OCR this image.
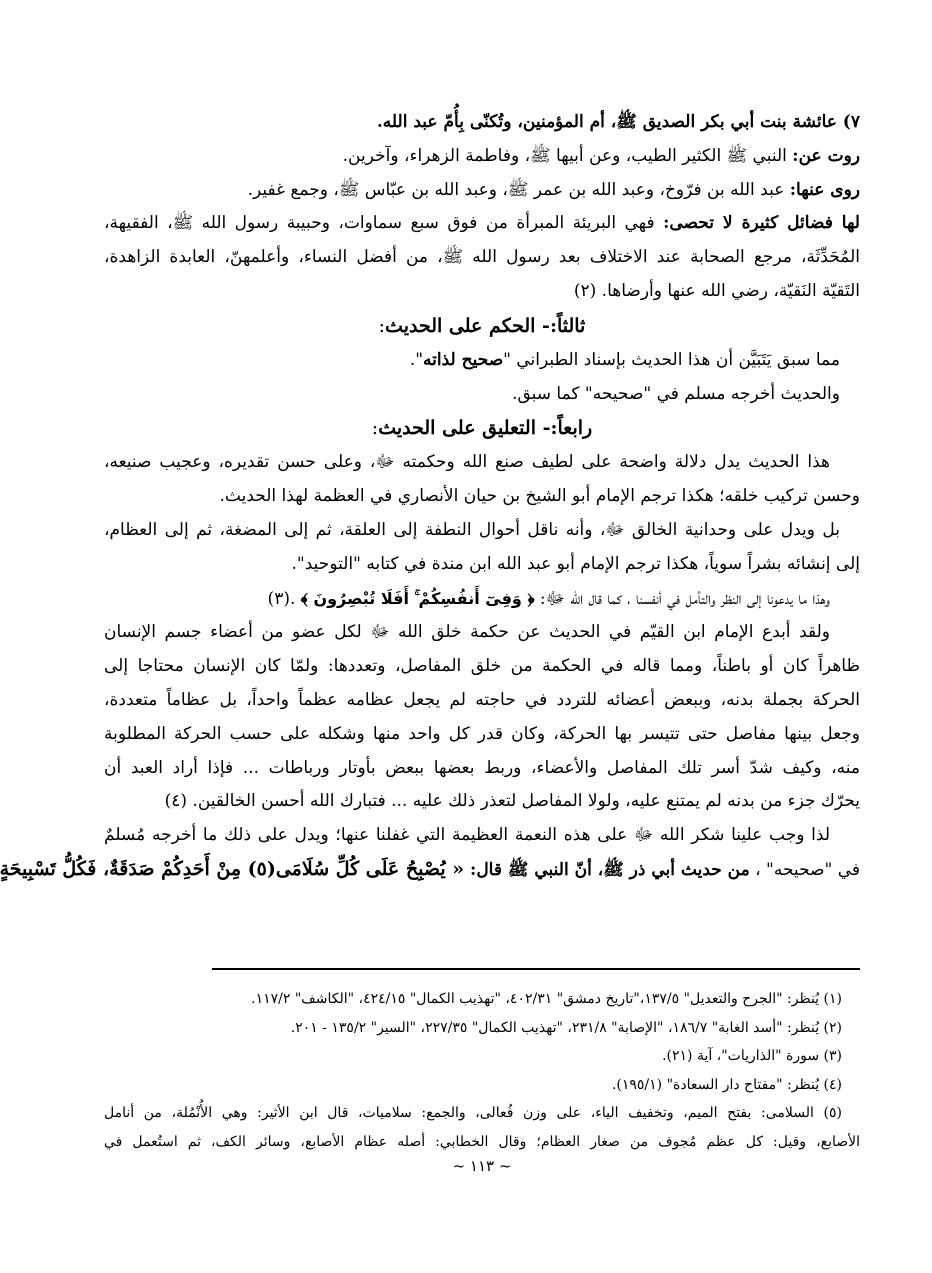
٧) عائشة بنت أبي بكر الصديق ﷺ، أم المؤمنين، وتُكنّى بِأُمّ عبد الله.
روت عن: النبي ﷺ الكثير الطيب، وعن أبيها ﷺ، وفاطمة الزهراء، وآخرين.
روى عنها: عبد الله بن فرّوخ، وعبد الله بن عمر ﷺ، وعبد الله بن عبّاس ﷺ، وجمع غفير.
لها فضائل كثيرة لا تحصى: فهي البريئة المبرأة من فوق سبع سماوات، وحبيبة رسول الله ﷺ، الفقيهة،
المُحَدِّثَة، مرجع الصحابة عند الاختلاف بعد رسول الله ﷺ، من أفضل النساء، وأعلمهنّ، العابدة الزاهدة،
التَقيّة النَقيّة، رضي الله عنها وأرضاها. (٢)
ثالثاً:- الحكم على الحديث:
مما سبق يَتَبَيَّن أن هذا الحديث بإسناد الطبراني "صحيح لذاته".
والحديث أخرجه مسلم في "صحيحه" كما سبق.
رابعاً:- التعليق على الحديث:
هذا الحديث يدل دلالة واضحة على لطيف صنع الله وحكمته ﷻ، وعلى حسن تقديره، وعجيب صنيعه،
وحسن تركيب خلقه؛ هكذا ترجم الإمام أبو الشيخ بن حيان الأنصاري في العظمة لهذا الحديث.
بل ويدل على وحدانية الخالق ﷻ، وأنه ناقل أحوال النطفة إلى العلقة، ثم إلى المضغة، ثم إلى العظام،
إلى إنشائه بشراً سوياً، هكذا ترجم الإمام أبو عبد الله ابن مندة في كتابه "التوحيد".
وهذا ما يدعونا إلى النظر والتأمل في أنفسنا ، كما قال الله ﷻ: ﴿ وَفِىٓ أَنفُسِكُمْ ۚ أَفَلَا تُبْصِرُونَ ﴾ .(٣)
ولقد أبدع الإمام ابن القيّم في الحديث عن حكمة خلق الله ﷻ لكل عضو من أعضاء جسم الإنسان
ظاهراً كان أو باطناً، ومما قاله في الحكمة من خلق المفاصل، وتعددها: ولمّا كان الإنسان محتاجا إلى
الحركة بجملة بدنه، وببعض أعضائه للتردد في حاجته لم يجعل عظامه عظماً واحداً، بل عظاماً متعددة،
وجعل بينها مفاصل حتى تتيسر بها الحركة، وكان قدر كل واحد منها وشكله على حسب الحركة المطلوبة
منه، وكيف شدّ أسر تلك المفاصل والأعضاء، وربط بعضها ببعض بأوتار ورباطات ... فإذا أراد العبد أن
يحرّك جزء من بدنه لم يمتنع عليه، ولولا المفاصل لتعذر ذلك عليه ... فتبارك الله أحسن الخالقين. (٤)
لذا وجب علينا شكر الله ﷻ على هذه النعمة العظيمة التي غفلنا عنها؛ ويدل على ذلك ما أخرجه مُسلمٌ
في "صحيحه" ، من حديث أبي ذر ﷺ، أنّ النبي ﷺ قال: « يُصْبِحُ عَلَى كُلِّ سُلَامَى(٥) مِنْ أَحَدِكُمْ صَدَقَةٌ، فَكُلُّ تَسْبِيحَةٍ
(١) يُنظر: "الجرح والتعديل" ١٣٧/٥،"تاريخ دمشق" ٤٠٢/٣١، "تهذيب الكمال" ٤٢٤/١٥، "الكاشف" ١١٧/٢.
(٢) يُنظر: "أسد الغابة" ١٨٦/٧، "الإصابة" ٢٣١/٨، "تهذيب الكمال" ٢٢٧/٣٥، "السير" ١٣٥/٢ - ٢٠١.
(٣) سورة "الذاريات"، آية (٢١).
(٤) يُنظر: "مفتاح دار السعادة" (١٩٥/١).
(٥) السلامى: بفتح الميم، وتخفيف الياء، على وزن فُعالى، والجمع: سلاميات، قال ابن الأثير: وهي الأُنْمُلة، من أنامل
الأصابع، وقيل: كل عظم مُجوف من صغار العظام؛ وقال الخطابي: أصله عظام الأصابع، وسائر الكف، ثم استُعمل في
~ ١١٣ ~
